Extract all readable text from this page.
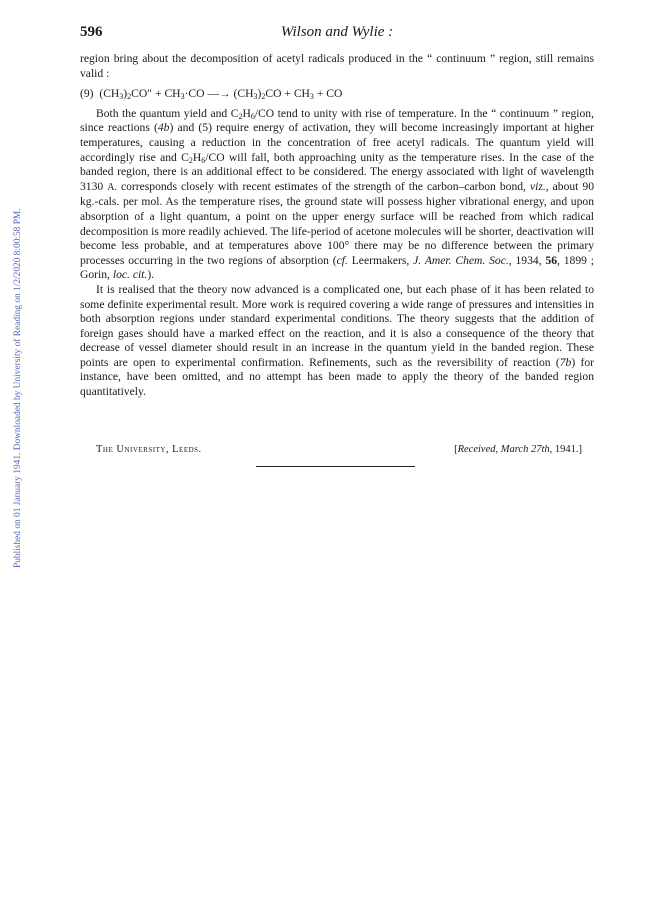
Published on 01 January 1941. Downloaded by University of Reading on 1/2/2020 8:00:58 PM.
596	Wilson and Wylie :

region bring about the decomposition of acetyl radicals produced in the “ continuum ” region, still remains valid :

(9) $(CH_3)_2CO'' + CH_3\cdot CO$ —→ $(CH_3)_2CO + CH_3$ + CO

Both the quantum yield and $C_2H_6/CO$ tend to unity with rise of temperature. In the “ continuum ” region, since reactions (4b) and (5) require energy of activation, they will become increasingly important at higher temperatures, causing a reduction in the concentration of free acetyl radicals. The quantum yield will accordingly rise and $C_2H_6/CO$ will fall, both approaching unity as the temperature rises. In the case of the banded region, there is an additional effect to be considered. The energy associated with light of wavelength 3130 A. corresponds closely with recent estimates of the strength of the carbon–carbon bond, viz., about 90 kg.-cals. per mol. As the temperature rises, the ground state will possess higher vibrational energy, and upon absorption of a light quantum, a point on the upper energy surface will be reached from which radical decomposition is more readily achieved. The life-period of acetone molecules will be shorter, deactivation will become less probable, and at temperatures above 100° there may be no difference between the primary processes occurring in the two regions of absorption (cf. Leermakers, J. Amer. Chem. Soc., 1934, 56, 1899 ; Gorin, loc. cit.).

It is realised that the theory now advanced is a complicated one, but each phase of it has been related to some definite experimental result. More work is required covering a wide range of pressures and intensities in both absorption regions under standard experimental conditions. The theory suggests that the addition of foreign gases should have a marked effect on the reaction, and it is also a consequence of the theory that decrease of vessel diameter should result in an increase in the quantum yield in the banded region. These points are open to experimental confirmation. Refinements, such as the reversibility of reaction (7b) for instance, have been omitted, and no attempt has been made to apply the theory of the banded region quantitatively.

The University, Leeds.	[Received, March 27th, 1941.]
